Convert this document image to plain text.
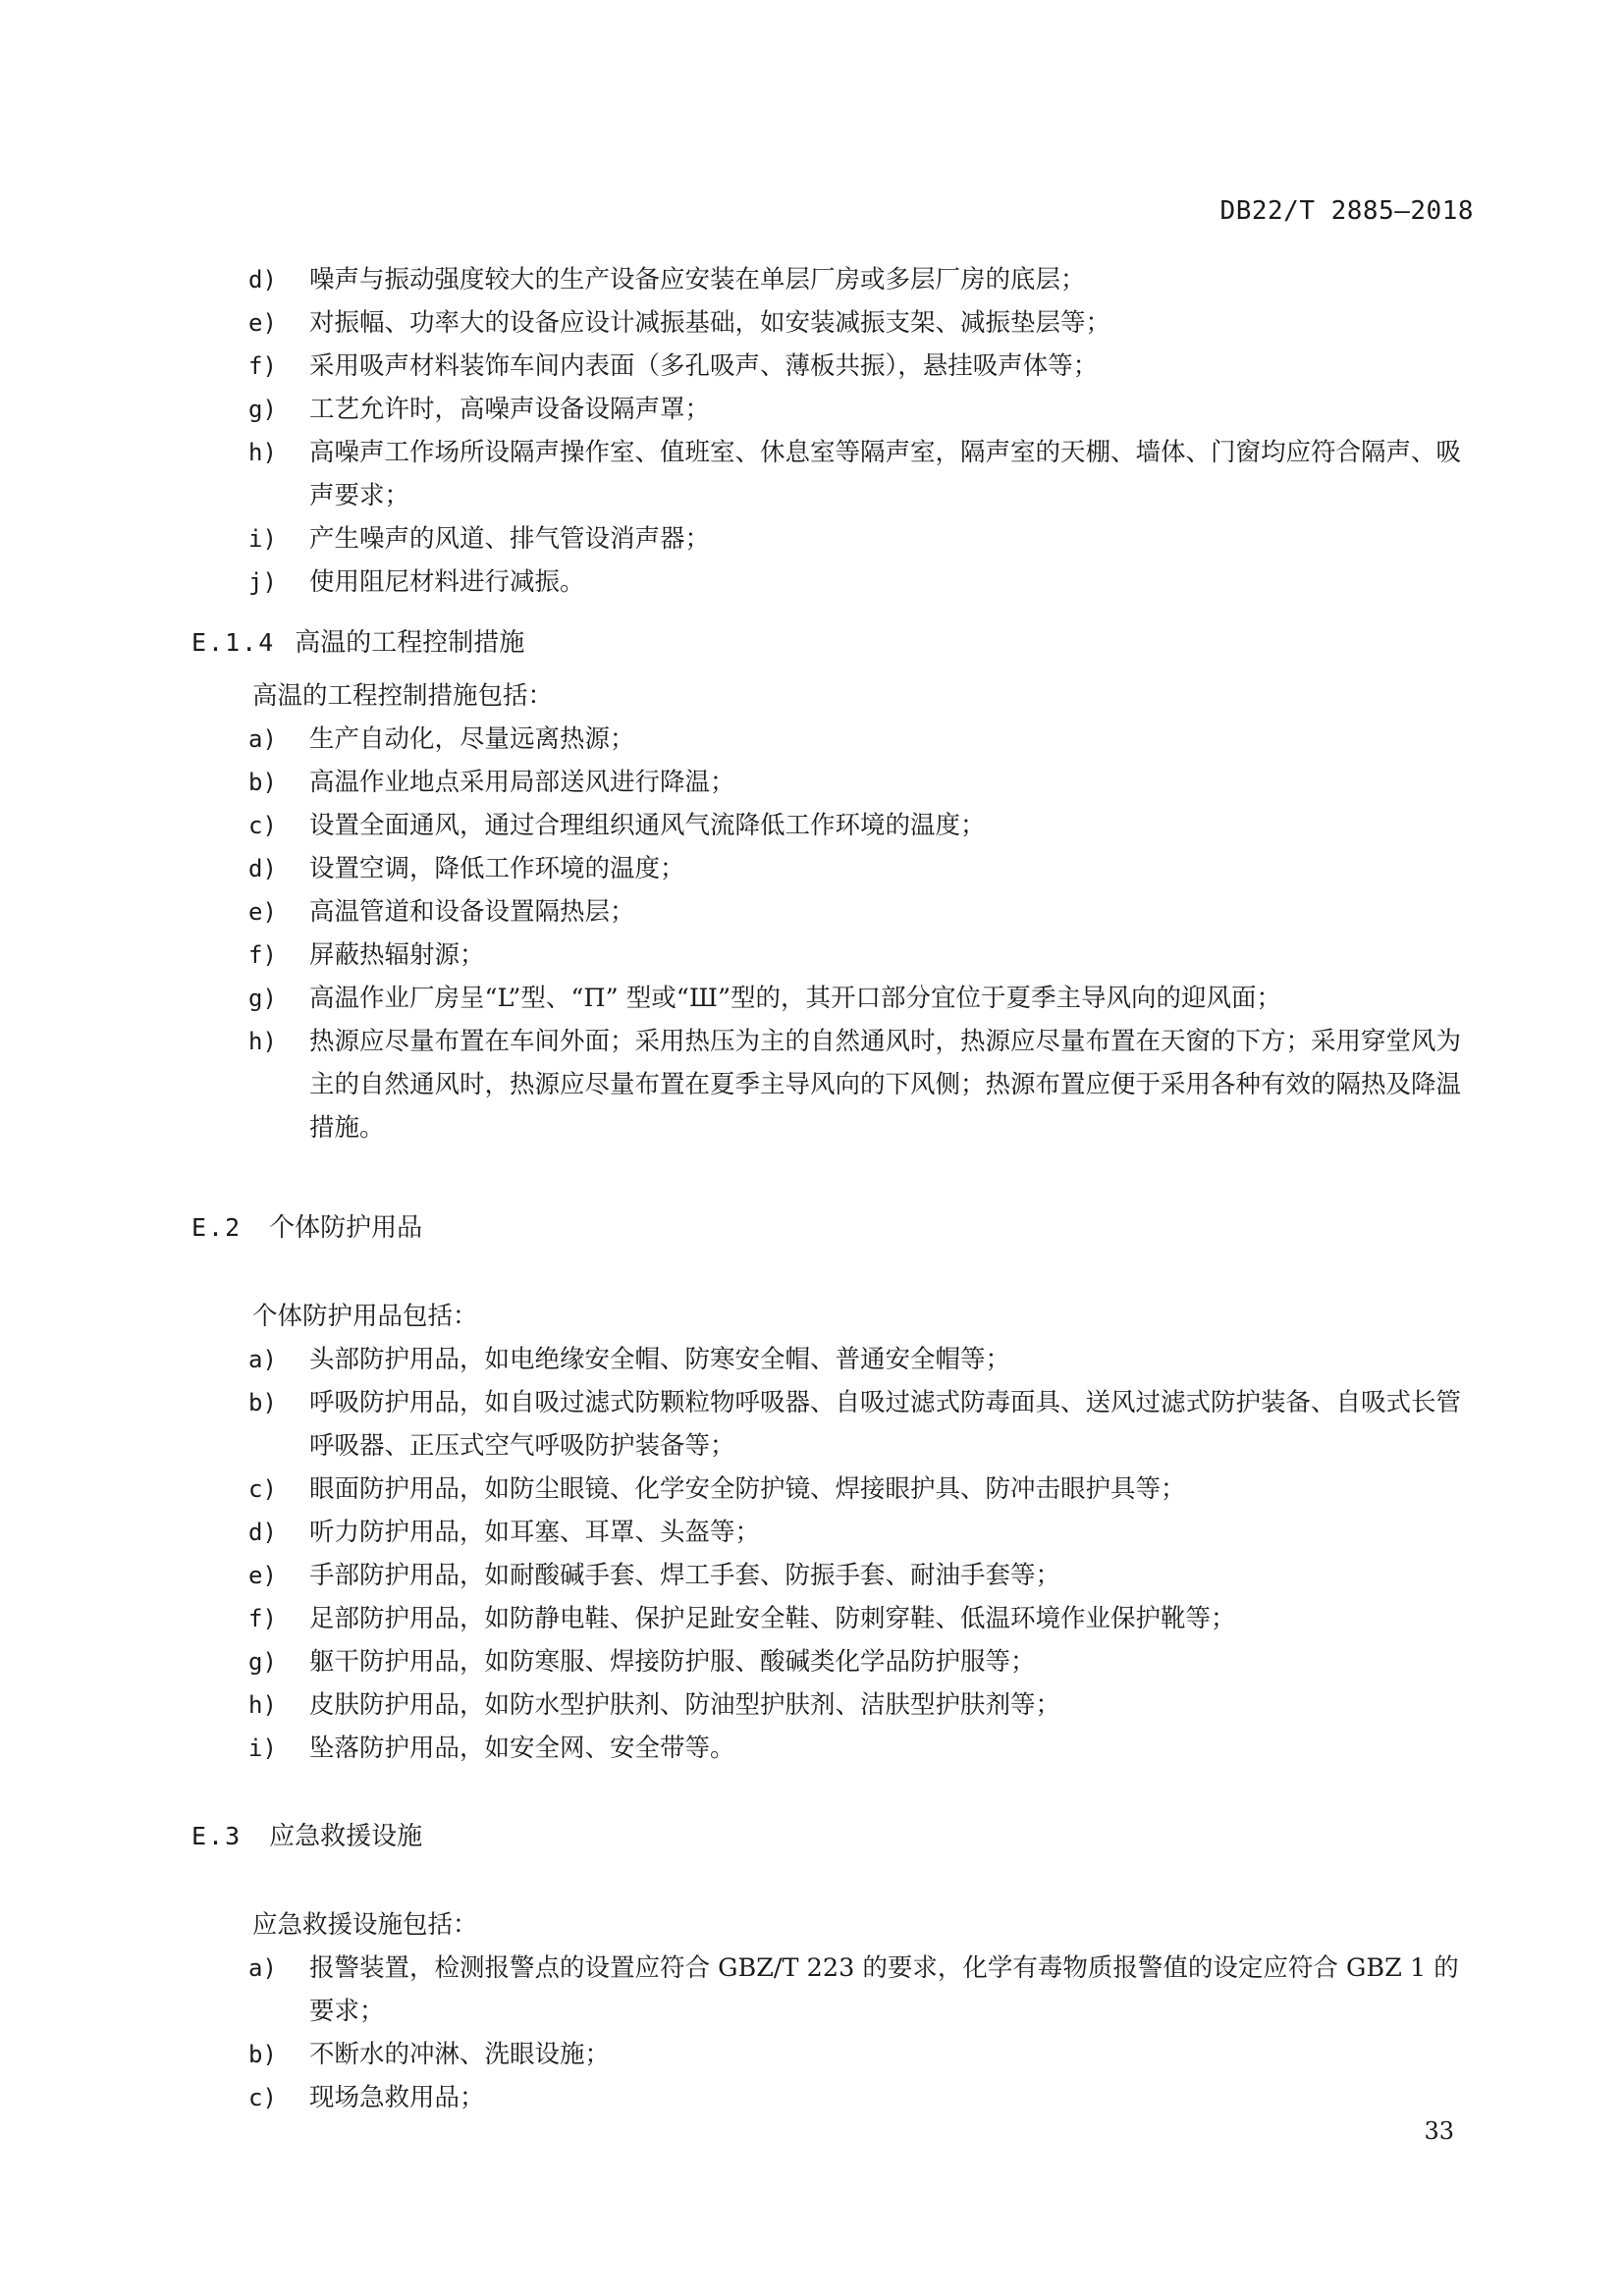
DB22/T 2885—2018
d)	噪声与振动强度较大的生产设备应安装在单层厂房或多层厂房的底层；
e)	对振幅、功率大的设备应设计减振基础，如安装减振支架、减振垫层等；
f)	采用吸声材料装饰车间内表面（多孔吸声、薄板共振），悬挂吸声体等；
g)	工艺允许时，高噪声设备设隔声罩；
h)	高噪声工作场所设隔声操作室、值班室、休息室等隔声室，隔声室的天棚、墙体、门窗均应符合隔声、吸声要求；
i)	产生噪声的风道、排气管设消声器；
j)	使用阻尼材料进行减振。
E.1.4 高温的工程控制措施
高温的工程控制措施包括：
a)	生产自动化，尽量远离热源；
b)	高温作业地点采用局部送风进行降温；
c)	设置全面通风，通过合理组织通风气流降低工作环境的温度；
d)	设置空调，降低工作环境的温度；
e)	高温管道和设备设置隔热层；
f)	屏蔽热辐射源；
g)	高温作业厂房呈“L”型、“П” 型或“Ш”型的，其开口部分宜位于夏季主导风向的迎风面；
h)	热源应尽量布置在车间外面；采用热压为主的自然通风时，热源应尽量布置在天窗的下方；采用穿堂风为主的自然通风时，热源应尽量布置在夏季主导风向的下风侧；热源布置应便于采用各种有效的隔热及降温措施。
E.2 个体防护用品
个体防护用品包括：
a)	头部防护用品，如电绝缘安全帽、防寒安全帽、普通安全帽等；
b)	呼吸防护用品，如自吸过滤式防颗粒物呼吸器、自吸过滤式防毒面具、送风过滤式防护装备、自吸式长管呼吸器、正压式空气呼吸防护装备等；
c)	眼面防护用品，如防尘眼镜、化学安全防护镜、焊接眼护具、防冲击眼护具等；
d)	听力防护用品，如耳塞、耳罩、头盔等；
e)	手部防护用品，如耐酸碱手套、焊工手套、防振手套、耐油手套等；
f)	足部防护用品，如防静电鞋、保护足趾安全鞋、防刺穿鞋、低温环境作业保护靴等；
g)	躯干防护用品，如防寒服、焊接防护服、酸碱类化学品防护服等；
h)	皮肤防护用品，如防水型护肤剂、防油型护肤剂、洁肤型护肤剂等；
i)	坠落防护用品，如安全网、安全带等。
E.3 应急救援设施
应急救援设施包括：
a)	报警装置，检测报警点的设置应符合 GBZ/T 223 的要求，化学有毒物质报警值的设定应符合 GBZ 1 的要求；
b)	不断水的冲淋、洗眼设施；
c)	现场急救用品；
33
